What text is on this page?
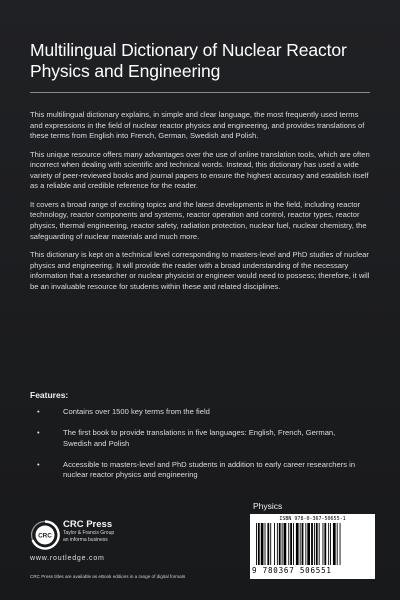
Multilingual Dictionary of Nuclear Reactor Physics and Engineering

This multilingual dictionary explains, in simple and clear language, the most frequently used terms and expressions in the field of nuclear reactor physics and engineering, and provides translations of these terms from English into French, German, Swedish and Polish.

This unique resource offers many advantages over the use of online translation tools, which are often incorrect when dealing with scientific and technical words. Instead, this dictionary has used a wide variety of peer-reviewed books and journal papers to ensure the highest accuracy and establish itself as a reliable and credible reference for the reader.

It covers a broad range of exciting topics and the latest developments in the field, including reactor technology, reactor components and systems, reactor operation and control, reactor types, reactor physics, thermal engineering, reactor safety, radiation protection, nuclear fuel, nuclear chemistry, the safeguarding of nuclear materials and much more.

This dictionary is kept on a technical level corresponding to masters-level and PhD studies of nuclear physics and engineering. It will provide the reader with a broad understanding of the necessary information that a researcher or nuclear physicist or engineer would need to possess; therefore, it will be an invaluable resource for students within these and related disciplines.

Features:
•	Contains over 1500 key terms from the field
•	The first book to provide translations in five languages: English, French, German, Swedish and Polish
•	Accessible to masters-level and PhD students in addition to early career researchers in nuclear reactor physics and engineering
Physics
ISBN 978-0-367-50655-1
9 780367 506551
CRC
CRC Press
Taylor & Francis Group
an informa business
www.routledge.com
CRC Press titles are available as eBook editions in a range of digital formats
